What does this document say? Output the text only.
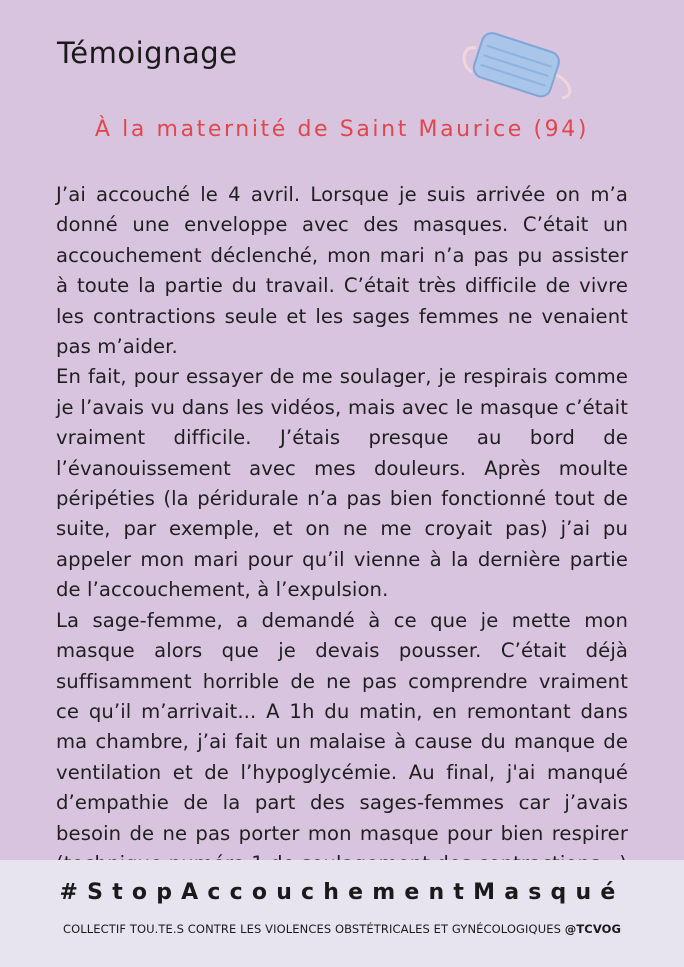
Témoignage
À la maternité de Saint Maurice (94)

J’ai accouché le 4 avril. Lorsque je suis arrivée on m’a donné une enveloppe avec des masques. C’était un accouchement déclenché, mon mari n’a pas pu assister à toute la partie du travail. C’était très difficile de vivre les contractions seule et les sages femmes ne venaient pas m’aider.

En fait, pour essayer de me soulager, je respirais comme je l’avais vu dans les vidéos, mais avec le masque c’était vraiment difficile. J’étais presque au bord de l’évanouissement avec mes douleurs. Après moulte péripéties (la péridurale n’a pas bien fonctionné tout de suite, par exemple, et on ne me croyait pas) j’ai pu appeler mon mari pour qu’il vienne à la dernière partie de l’accouchement, à l’expulsion.

La sage-femme, a demandé à ce que je mette mon masque alors que je devais pousser. C’était déjà suffisamment horrible de ne pas comprendre vraiment ce qu’il m’arrivait... A 1h du matin, en remontant dans ma chambre, j’ai fait un malaise à cause du manque de ventilation et de l’hypoglycémie. Au final, j'ai manqué d’empathie de la part des sages-femmes car j’avais besoin de ne pas porter mon masque pour bien respirer

#StopAccouchementMasqué
COLLECTIF TOU.TE.S CONTRE LES VIOLENCES OBSTÉTRICALES ET GYNÉCOLOGIQUES @TCVOG
